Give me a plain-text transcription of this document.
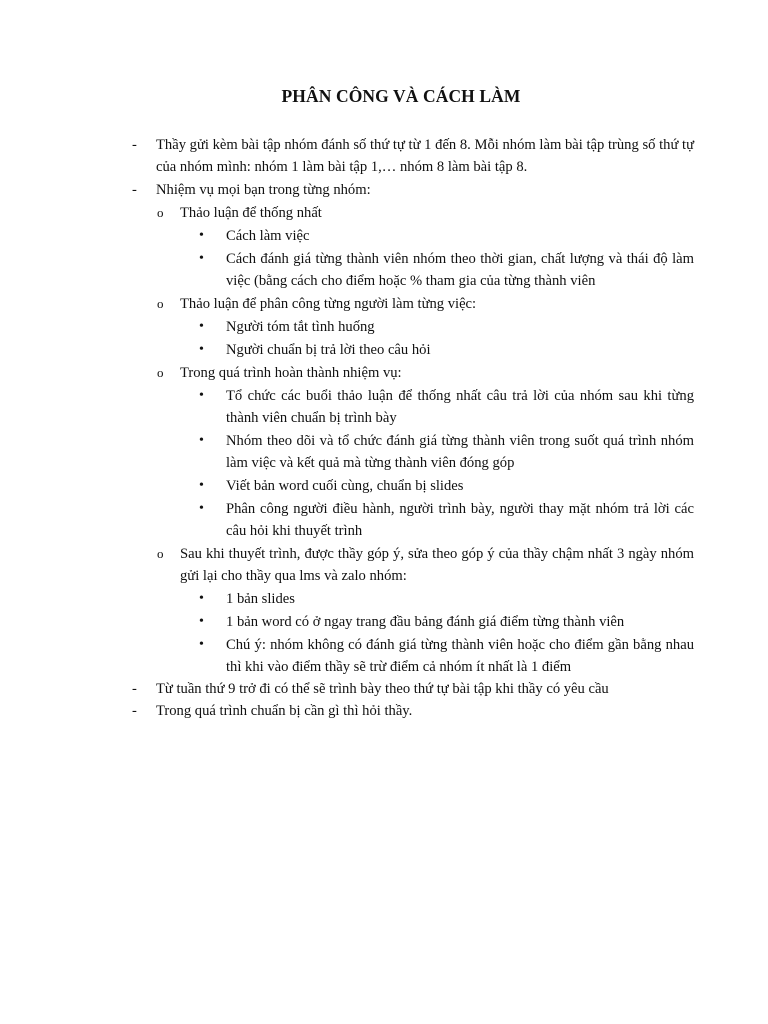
PHÂN CÔNG VÀ CÁCH LÀM
- Thầy gửi kèm bài tập nhóm đánh số thứ tự từ 1 đến 8. Mỗi nhóm làm bài tập trùng số thứ tự của nhóm mình: nhóm 1 làm bài tập 1,… nhóm 8 làm bài tập 8.
- Nhiệm vụ mọi bạn trong từng nhóm:
o Thảo luận để thống nhất
• Cách làm việc
• Cách đánh giá từng thành viên nhóm theo thời gian, chất lượng và thái độ làm việc (bằng cách cho điểm hoặc % tham gia của từng thành viên
o Thảo luận để phân công từng người làm từng việc:
• Người tóm tắt tình huống
• Người chuẩn bị trả lời theo câu hỏi
o Trong quá trình hoàn thành nhiệm vụ:
• Tổ chức các buổi thảo luận để thống nhất câu trả lời của nhóm sau khi từng thành viên chuẩn bị trình bày
• Nhóm theo dõi và tổ chức đánh giá từng thành viên trong suốt quá trình nhóm làm việc và kết quả mà từng thành viên đóng góp
• Viết bản word cuối cùng, chuẩn bị slides
• Phân công người điều hành, người trình bày, người thay mặt nhóm trả lời các câu hỏi khi thuyết trình
o Sau khi thuyết trình, được thầy góp ý, sửa theo góp ý của thầy chậm nhất 3 ngày nhóm gửi lại cho thầy qua lms và zalo nhóm:
• 1 bản slides
• 1 bản word có ở ngay trang đầu bảng đánh giá điểm từng thành viên
• Chú ý: nhóm không có đánh giá từng thành viên hoặc cho điểm gần bằng nhau thì khi vào điểm thầy sẽ trừ điểm cả nhóm ít nhất là 1 điểm
- Từ tuần thứ 9 trở đi có thể sẽ trình bày theo thứ tự bài tập khi thầy có yêu cầu
- Trong quá trình chuẩn bị cần gì thì hỏi thầy.
